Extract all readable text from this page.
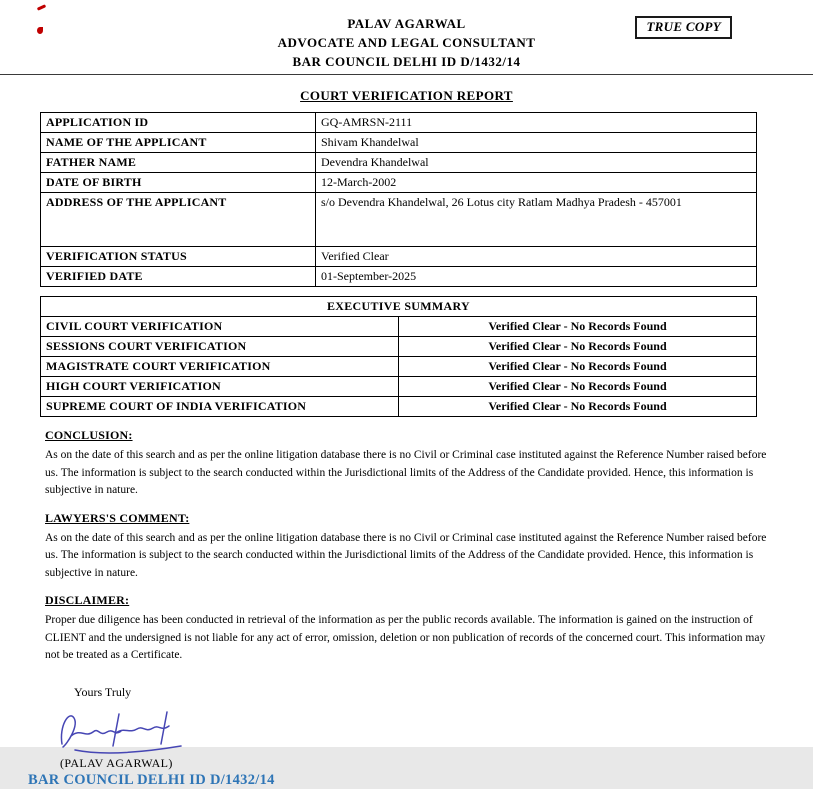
TRUE COPY
PALAV AGARWAL
ADVOCATE AND LEGAL CONSULTANT
BAR COUNCIL DELHI ID D/1432/14
COURT VERIFICATION REPORT
APPLICATION ID	GQ-AMRSN-2111
NAME OF THE APPLICANT	Shivam Khandelwal
FATHER NAME	Devendra Khandelwal
DATE OF BIRTH	12-March-2002
ADDRESS OF THE APPLICANT	s/o Devendra Khandelwal, 26 Lotus city Ratlam Madhya Pradesh - 457001
VERIFICATION STATUS	Verified Clear
VERIFIED DATE	01-September-2025
EXECUTIVE SUMMARY	
CIVIL COURT VERIFICATION	Verified Clear - No Records Found
SESSIONS COURT VERIFICATION	Verified Clear - No Records Found
MAGISTRATE COURT VERIFICATION	Verified Clear - No Records Found
HIGH COURT VERIFICATION	Verified Clear - No Records Found
SUPREME COURT OF INDIA VERIFICATION	Verified Clear - No Records Found
CONCLUSION:
As on the date of this search and as per the online litigation database there is no Civil or Criminal case instituted against the Reference Number raised before us. The information is subject to the search conducted within the Jurisdictional limits of the Address of the Candidate provided. Hence, this information is subjective in nature.
LAWYERS'S COMMENT:
As on the date of this search and as per the online litigation database there is no Civil or Criminal case instituted against the Reference Number raised before us. The information is subject to the search conducted within the Jurisdictional limits of the Address of the Candidate provided. Hence, this information is subjective in nature.
DISCLAIMER:
Proper due diligence has been conducted in retrieval of the information as per the public records available. The information is gained on the instruction of CLIENT and the undersigned is not liable for any act of error, omission, deletion or non publication of records of the concerned court. This information may not be treated as a Certificate.
Yours Truly
(PALAV AGARWAL)
BAR COUNCIL DELHI ID D/1432/14
